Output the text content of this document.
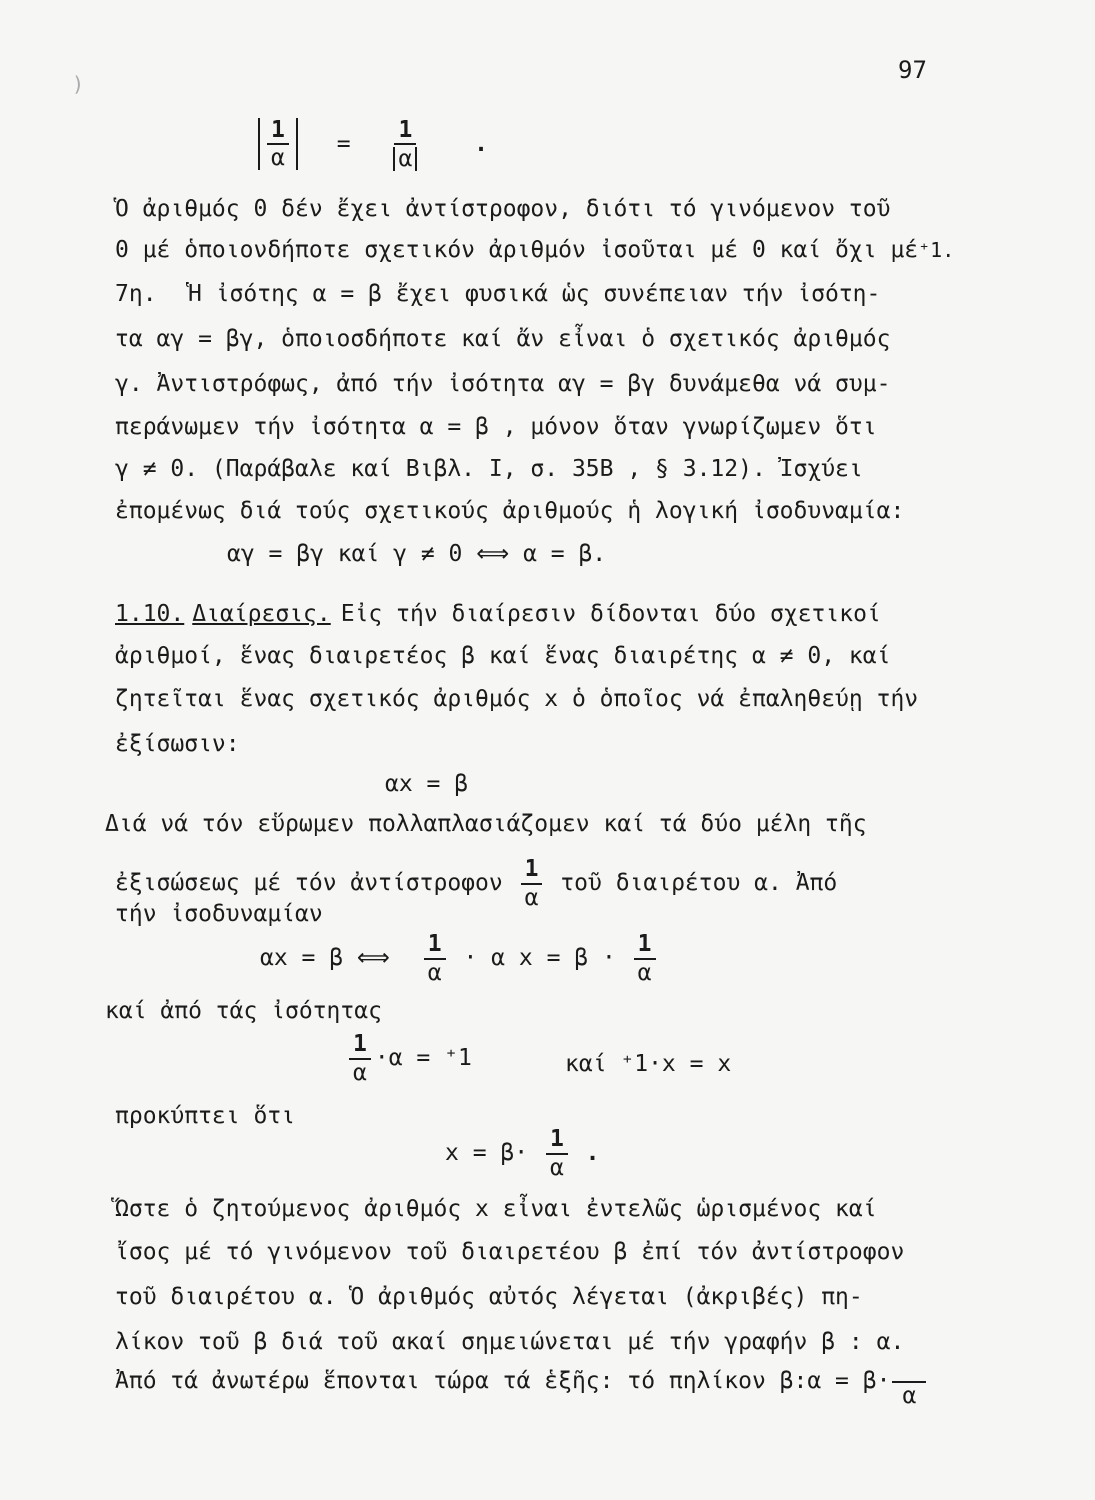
)	97
$\frac{1}{\alpha} = \frac{1}{\alpha}$ .
Ὁ ἀριθμός 0 δέν ἔχει ἀντίστροφον, διότι τό γινόμενον τοῦ
0 μέ ὁποιονδήποτε σχετικόν ἀριθμόν ἰσοῦται μέ 0 καί ὄχι μέ⁺1.
7η. Ἡ ἰσότης α = β ἔχει φυσικά ὡς συνέπειαν τήν ἰσότη-
τα αγ = βγ, ὁποιοσδήποτε καί ἄν εἶναι ὁ σχετικός ἀριθμός
γ. Ἀντιστρόφως, ἀπό τήν ἰσότητα αγ = βγ δυνάμεθα νά συμ-
περάνωμεν τήν ἰσότητα α = β , μόνον ὅταν γνωρίζωμεν ὅτι
γ ≠ 0. (Παράβαλε καί Βιβλ. Ι, σ. 35Β , § 3.12). Ἰσχύει
ἐπομένως διά τούς σχετικούς ἀριθμούς ἡ λογική ἰσοδυναμία:
αγ = βγ καί γ ≠ 0 ⟺ α = β.
1.10. Διαίρεσις. Εἰς τήν διαίρεσιν δίδονται δύο σχετικοί
ἀριθμοί, ἕνας διαιρετέος β καί ἕνας διαιρέτης α ≠ 0, καί
ζητεῖται ἕνας σχετικός ἀριθμός x ὁ ὁποῖος νά ἐπαληθεύῃ τήν
ἐξίσωσιν:
αx = β
Διά νά τόν εὕρωμεν πολλαπλασιάζομεν καί τά δύο μέλη τῆς
ἐξισώσεως μέ τόν ἀντίστροφον $\frac{1}{\alpha}$ τοῦ διαιρέτου α. Ἀπό
τήν ἰσοδυναμίαν
αx = β ⟺ $\frac{1}{\alpha} \cdot \alpha$ $x = \beta \cdot \frac{1}{\alpha}$
καί ἀπό τάς ἰσότητας
$\frac{1}{\alpha} \cdot\alpha = ^+1$	καί ⁺1·x = x
προκύπτει ὅτι
$x = \beta\cdot \frac{1}{\alpha}$ .
Ὥστε ὁ ζητούμενος ἀριθμός x εἶναι ἐντελῶς ὡρισμένος καί
ἴσος μέ τό γινόμενον τοῦ διαιρετέου β ἐπί τόν ἀντίστροφον
τοῦ διαιρέτου α. Ὁ ἀριθμός αὐτός λέγεται (ἀκριβές) πη-
λίκον τοῦ β διά τοῦ ακαί σημειώνεται μέ τήν γραφήν β : α.
Ἀπό τά ἀνωτέρω ἕπονται τώρα τά ἑξῆς: τό πηλίκον β:α = β·
α
